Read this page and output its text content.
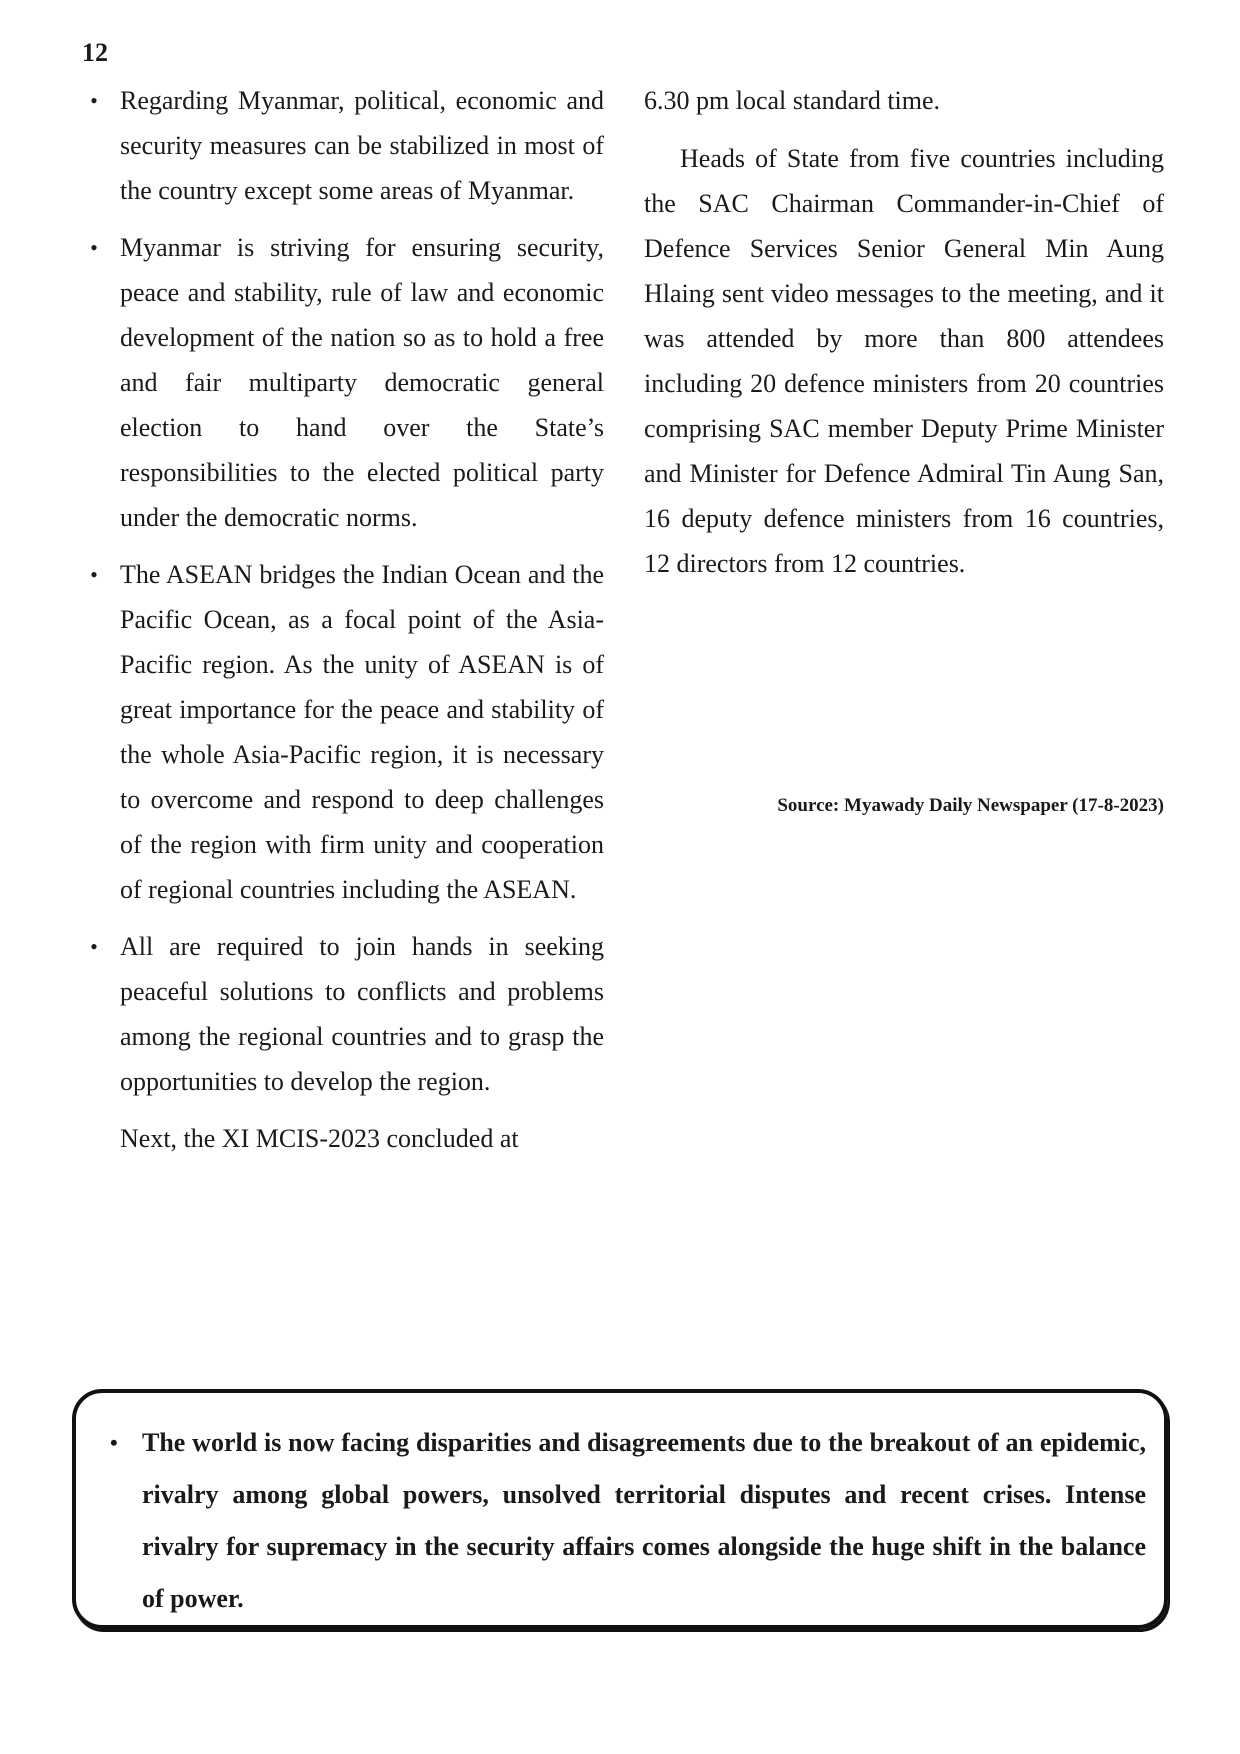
12
• Regarding Myanmar, political, economic and security measures can be stabilized in most of the country except some areas of Myanmar.
• Myanmar is striving for ensuring security, peace and stability, rule of law and economic development of the nation so as to hold a free and fair multiparty democratic general election to hand over the State’s responsibilities to the elected political party under the democratic norms.
• The ASEAN bridges the Indian Ocean and the Pacific Ocean, as a focal point of the Asia-Pacific region. As the unity of ASEAN is of great importance for the peace and stability of the whole Asia-Pacific region, it is necessary to overcome and respond to deep challenges of the region with firm unity and cooperation of regional countries including the ASEAN.
• All are required to join hands in seeking peaceful solutions to conflicts and problems among the regional countries and to grasp the opportunities to develop the region.

Next, the XI MCIS-2023 concluded at

6.30 pm local standard time.

Heads of State from five countries including the SAC Chairman Commander-in-Chief of Defence Services Senior General Min Aung Hlaing sent video messages to the meeting, and it was attended by more than 800 attendees including 20 defence ministers from 20 countries comprising SAC member Deputy Prime Minister and Minister for Defence Admiral Tin Aung San, 16 deputy defence ministers from 16 countries, 12 directors from 12 countries.

Source: Myawady Daily Newspaper (17-8-2023)
• The world is now facing disparities and disagreements due to the breakout of an epidemic, rivalry among global powers, unsolved territorial disputes and recent crises. Intense rivalry for supremacy in the security affairs comes alongside the huge shift in the balance of power.
